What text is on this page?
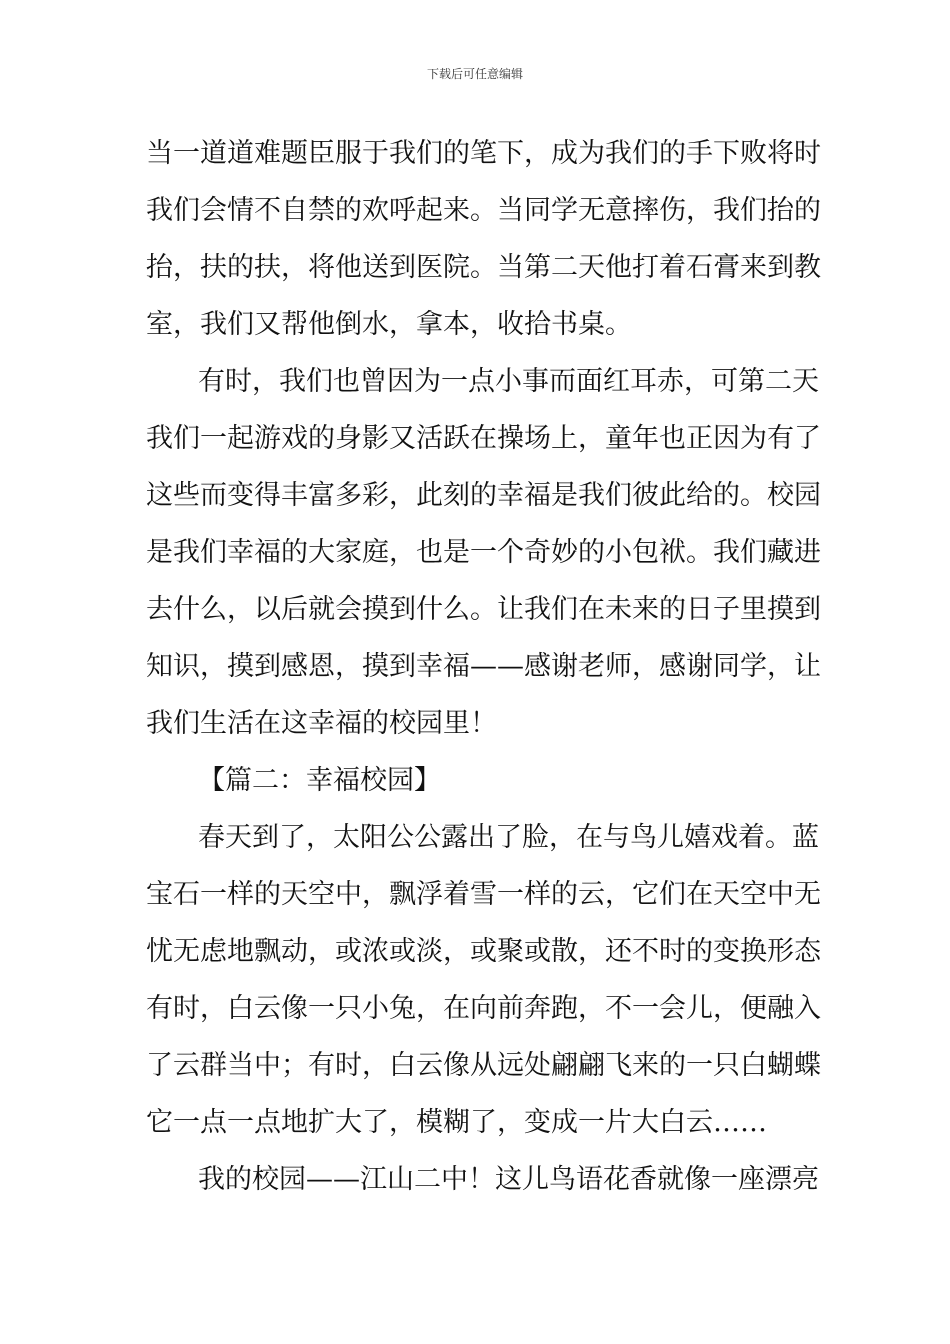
下载后可任意编辑
当一道道难题臣服于我们的笔下，成为我们的手下败将时
我们会情不自禁的欢呼起来。当同学无意摔伤，我们抬的
抬，扶的扶，将他送到医院。当第二天他打着石膏来到教
室，我们又帮他倒水，拿本，收拾书桌。
有时，我们也曾因为一点小事而面红耳赤，可第二天
我们一起游戏的身影又活跃在操场上，童年也正因为有了
这些而变得丰富多彩，此刻的幸福是我们彼此给的。校园
是我们幸福的大家庭，也是一个奇妙的小包袱。我们藏进
去什么，以后就会摸到什么。让我们在未来的日子里摸到
知识，摸到感恩，摸到幸福——感谢老师，感谢同学，让
我们生活在这幸福的校园里！
【篇二：幸福校园】
春天到了，太阳公公露出了脸，在与鸟儿嬉戏着。蓝
宝石一样的天空中，飘浮着雪一样的云，它们在天空中无
忧无虑地飘动，或浓或淡，或聚或散，还不时的变换形态
有时，白云像一只小兔，在向前奔跑，不一会儿，便融入
了云群当中；有时，白云像从远处翩翩飞来的一只白蝴蝶
它一点一点地扩大了，模糊了，变成一片大白云……
我的校园——江山二中！这儿鸟语花香就像一座漂亮
